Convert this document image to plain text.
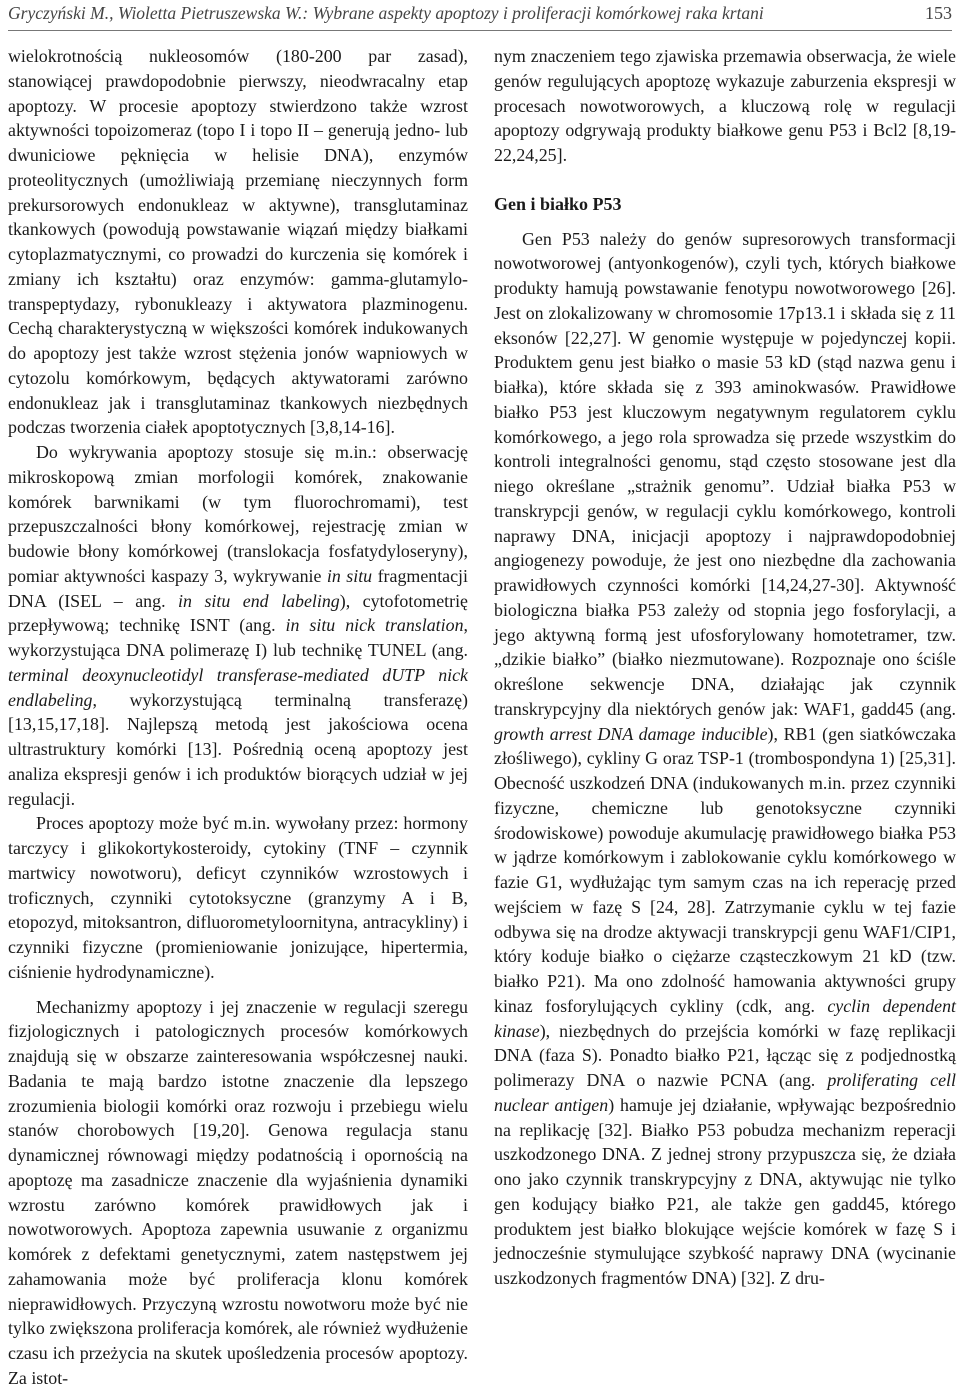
Gryczyński M., Wioletta Pietruszewska W.: Wybrane aspekty apoptozy i proliferacji komórkowej raka krtani	153

wielokrotnością nukleosomów (180-200 par zasad), stanowiącej prawdopodobnie pierwszy, nieodwracalny etap apoptozy. W procesie apoptozy stwierdzono także wzrost aktywności topoizomeraz (topo I i topo II – generują jedno- lub dwuniciowe pęknięcia w helisie DNA), enzymów proteolitycznych (umożliwiają przemianę nieczynnych form prekursorowych endonukleaz w aktywne), transglutaminaz tkankowych (powodują powstawanie wiązań między białkami cytoplazmatycznymi, co prowadzi do kurczenia się komórek i zmiany ich kształtu) oraz enzymów: gamma-glutamylo-transpeptydazy, rybonukleazy i aktywatora plazminogenu. Cechą charakterystyczną w większości komórek indukowanych do apoptozy jest także wzrost stężenia jonów wapniowych w cytozolu komórkowym, będących aktywatorami zarówno endonukleaz jak i transglutaminaz tkankowych niezbędnych podczas tworzenia ciałek apoptotycznych [3,8,14-16].

Do wykrywania apoptozy stosuje się m.in.: obserwację mikroskopową zmian morfologii komórek, znakowanie komórek barwnikami (w tym fluorochromami), test przepuszczalności błony komórkowej, rejestrację zmian w budowie błony komórkowej (translokacja fosfatydyloseryny), pomiar aktywności kaspazy 3, wykrywanie in situ fragmentacji DNA (ISEL – ang. in situ end labeling), cytofotometrię przepływową; technikę ISNT (ang. in situ nick translation, wykorzystująca DNA polimerazę I) lub technikę TUNEL (ang. terminal deoxynucleotidyl transferase-mediated dUTP nick endlabeling, wykorzystującą terminalną transferazę) [13,15,17,18]. Najlepszą metodą jest jakościowa ocena ultrastruktury komórki [13]. Pośrednią oceną apoptozy jest analiza ekspresji genów i ich produktów biorących udział w jej regulacji.

Proces apoptozy może być m.in. wywołany przez: hormony tarczycy i glikokortykosteroidy, cytokiny (TNF – czynnik martwicy nowotworu), deficyt czynników wzrostowych i troficznych, czynniki cytotoksyczne (granzymy A i B, etopozyd, mitoksantron, difluorometyloornityna, antracykliny) i czynniki fizyczne (promieniowanie jonizujące, hipertermia, ciśnienie hydrodynamiczne).

Mechanizmy apoptozy i jej znaczenie w regulacji szeregu fizjologicznych i patologicznych procesów komórkowych znajdują się w obszarze zainteresowania współczesnej nauki. Badania te mają bardzo istotne znaczenie dla lepszego zrozumienia biologii komórki oraz rozwoju i przebiegu wielu stanów chorobowych [19,20]. Genowa regulacja stanu dynamicznej równowagi między podatnością i opornością na apoptozę ma zasadnicze znaczenie dla wyjaśnienia dynamiki wzrostu zarówno komórek prawidłowych jak i nowotworowych. Apoptoza zapewnia usuwanie z organizmu komórek z defektami genetycznymi, zatem następstwem jej zahamowania może być proliferacja klonu komórek nieprawidłowych. Przyczyną wzrostu nowotworu może być nie tylko zwiększona proliferacja komórek, ale również wydłużenie czasu ich przeżycia na skutek upośledzenia procesów apoptozy. Za istot-

nym znaczeniem tego zjawiska przemawia obserwacja, że wiele genów regulujących apoptozę wykazuje zaburzenia ekspresji w procesach nowotworowych, a kluczową rolę w regulacji apoptozy odgrywają produkty białkowe genu P53 i Bcl2 [8,19-22,24,25].

Gen i białko P53

Gen P53 należy do genów supresorowych transformacji nowotworowej (antyonkogenów), czyli tych, których białkowe produkty hamują powstawanie fenotypu nowotworowego [26]. Jest on zlokalizowany w chromosomie 17p13.1 i składa się z 11 eksonów [22,27]. W genomie występuje w pojedynczej kopii. Produktem genu jest białko o masie 53 kD (stąd nazwa genu i białka), które składa się z 393 aminokwasów. Prawidłowe białko P53 jest kluczowym negatywnym regulatorem cyklu komórkowego, a jego rola sprowadza się przede wszystkim do kontroli integralności genomu, stąd często stosowane jest dla niego określane „strażnik genomu”. Udział białka P53 w transkrypcji genów, w regulacji cyklu komórkowego, kontroli naprawy DNA, inicjacji apoptozy i najprawdopodobniej angiogenezy powoduje, że jest ono niezbędne dla zachowania prawidłowych czynności komórki [14,24,27-30]. Aktywność biologiczna białka P53 zależy od stopnia jego fosforylacji, a jego aktywną formą jest ufosforylowany homotetramer, tzw. „dzikie białko” (białko niezmutowane). Rozpoznaje ono ściśle określone sekwencje DNA, działając jak czynnik transkrypcyjny dla niektórych genów jak: WAF1, gadd45 (ang. growth arrest DNA damage inducible), RB1 (gen siatkówczaka złośliwego), cykliny G oraz TSP-1 (trombospondyna 1) [25,31]. Obecność uszkodzeń DNA (indukowanych m.in. przez czynniki fizyczne, chemiczne lub genotoksyczne czynniki środowiskowe) powoduje akumulację prawidłowego białka P53 w jądrze komórkowym i zablokowanie cyklu komórkowego w fazie G1, wydłużając tym samym czas na ich reperację przed wejściem w fazę S [24, 28]. Zatrzymanie cyklu w tej fazie odbywa się na drodze aktywacji transkrypcji genu WAF1/CIP1, który koduje białko o ciężarze cząsteczkowym 21 kD (tzw. białko P21). Ma ono zdolność hamowania aktywności grupy kinaz fosforylujących cykliny (cdk, ang. cyclin dependent kinase), niezbędnych do przejścia komórki w fazę replikacji DNA (faza S). Ponadto białko P21, łącząc się z podjednostką polimerazy DNA o nazwie PCNA (ang. proliferating cell nuclear antigen) hamuje jej działanie, wpływając bezpośrednio na replikację [32]. Białko P53 pobudza mechanizm reperacji uszkodzonego DNA. Z jednej strony przypuszcza się, że działa ono jako czynnik transkrypcyjny z DNA, aktywując nie tylko gen kodujący białko P21, ale także gen gadd45, którego produktem jest białko blokujące wejście komórek w fazę S i jednocześnie stymulujące szybkość naprawy DNA (wycinanie uszkodzonych fragmentów DNA) [32]. Z dru-
